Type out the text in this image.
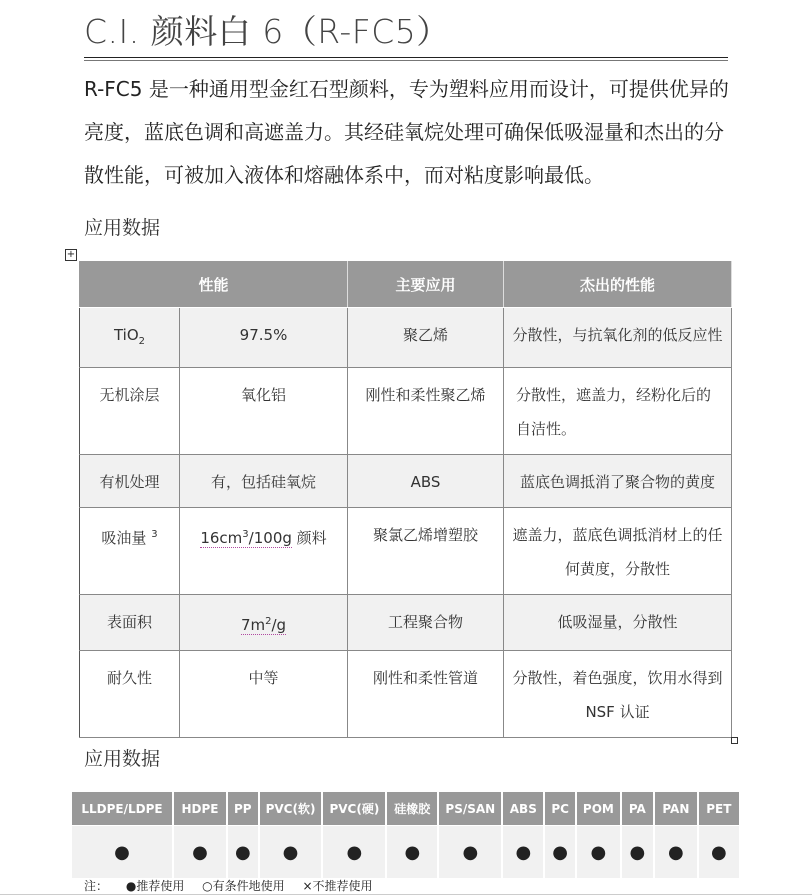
C.I. 颜料白 6（R-FC5）
R-FC5 是一种通用型金红石型颜料，专为塑料应用而设计，可提供优异的亮度，蓝底色调和高遮盖力。其经硅氧烷处理可确保低吸湿量和杰出的分散性能，可被加入液体和熔融体系中，而对粘度影响最低。
应用数据
+
性能		主要应用	杰出的性能
TiO$_2$	97.5%	聚乙烯	分散性，与抗氧化剂的低反应性
无机涂层	氧化铝	刚性和柔性聚乙烯	分散性，遮盖力，经粉化后的自洁性。
有机处理	有，包括硅氧烷	ABS	蓝底色调抵消了聚合物的黄度
吸油量 $^3$	$16cm^3/100g$ 颜料	聚氯乙烯增塑胶	遮盖力，蓝底色调抵消材上的任何黄度，分散性
表面积	$7m^2/g$	工程聚合物	低吸湿量，分散性
耐久性	中等	刚性和柔性管道	分散性，着色强度，饮用水得到 NSF 认证
应用数据
LLDPE/LDPE	HDPE	PP	PVC(软)	PVC(硬)	硅橡胶	PS/SAN	ABS	PC	POM	PA	PAN	PET
●	●	●	●	●	●	●	●	●	●	●	●	●
注： ●推荐使用 ○有条件地使用 ×不推荐使用
